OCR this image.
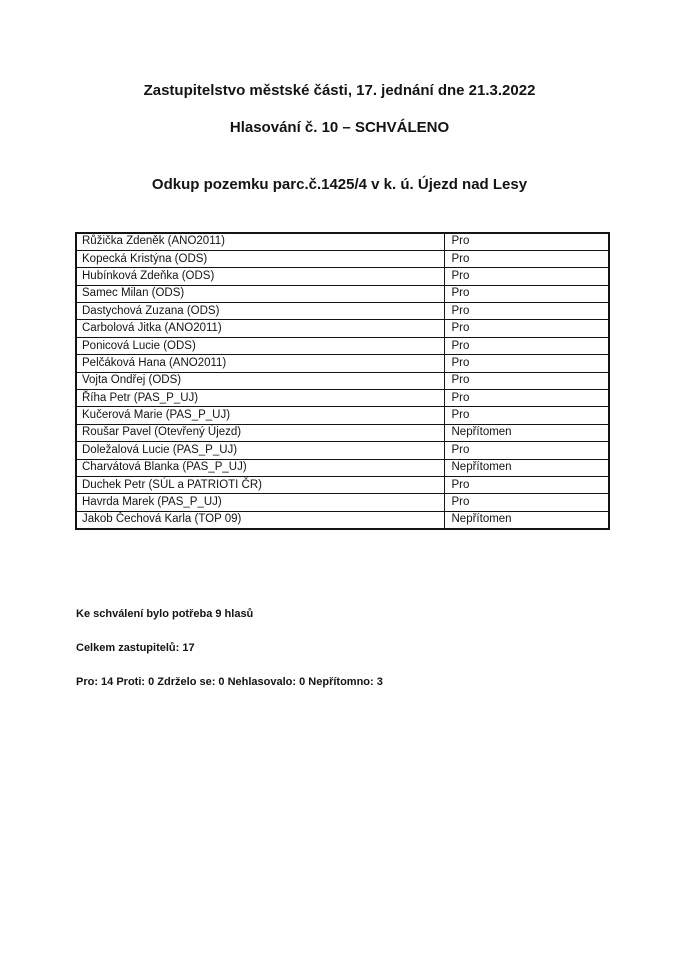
Zastupitelstvo městské části, 17. jednání dne 21.3.2022
Hlasování č. 10 – SCHVÁLENO
Odkup pozemku parc.č.1425/4 v k. ú. Újezd nad Lesy
Růžička Zdeněk (ANO2011)	Pro
Kopecká Kristýna (ODS)	Pro
Hubínková Zdeňka (ODS)	Pro
Samec Milan (ODS)	Pro
Dastychová Zuzana (ODS)	Pro
Carbolová Jitka (ANO2011)	Pro
Ponicová Lucie (ODS)	Pro
Pelčáková Hana (ANO2011)	Pro
Vojta Ondřej (ODS)	Pro
Říha Petr (PAS_P_UJ)	Pro
Kučerová Marie (PAS_P_UJ)	Pro
Roušar Pavel (Otevřený Újezd)	Nepřítomen
Doležalová Lucie (PAS_P_UJ)	Pro
Charvátová Blanka (PAS_P_UJ)	Nepřítomen
Duchek Petr (SÚL a PATRIOTI ČR)	Pro
Havrda Marek (PAS_P_UJ)	Pro
Jakob Čechová Karla (TOP 09)	Nepřítomen

Ke schválení bylo potřeba 9 hlasů

Celkem zastupitelů: 17

Pro: 14 Proti: 0 Zdrželo se: 0 Nehlasovalo: 0 Nepřítomno: 3
